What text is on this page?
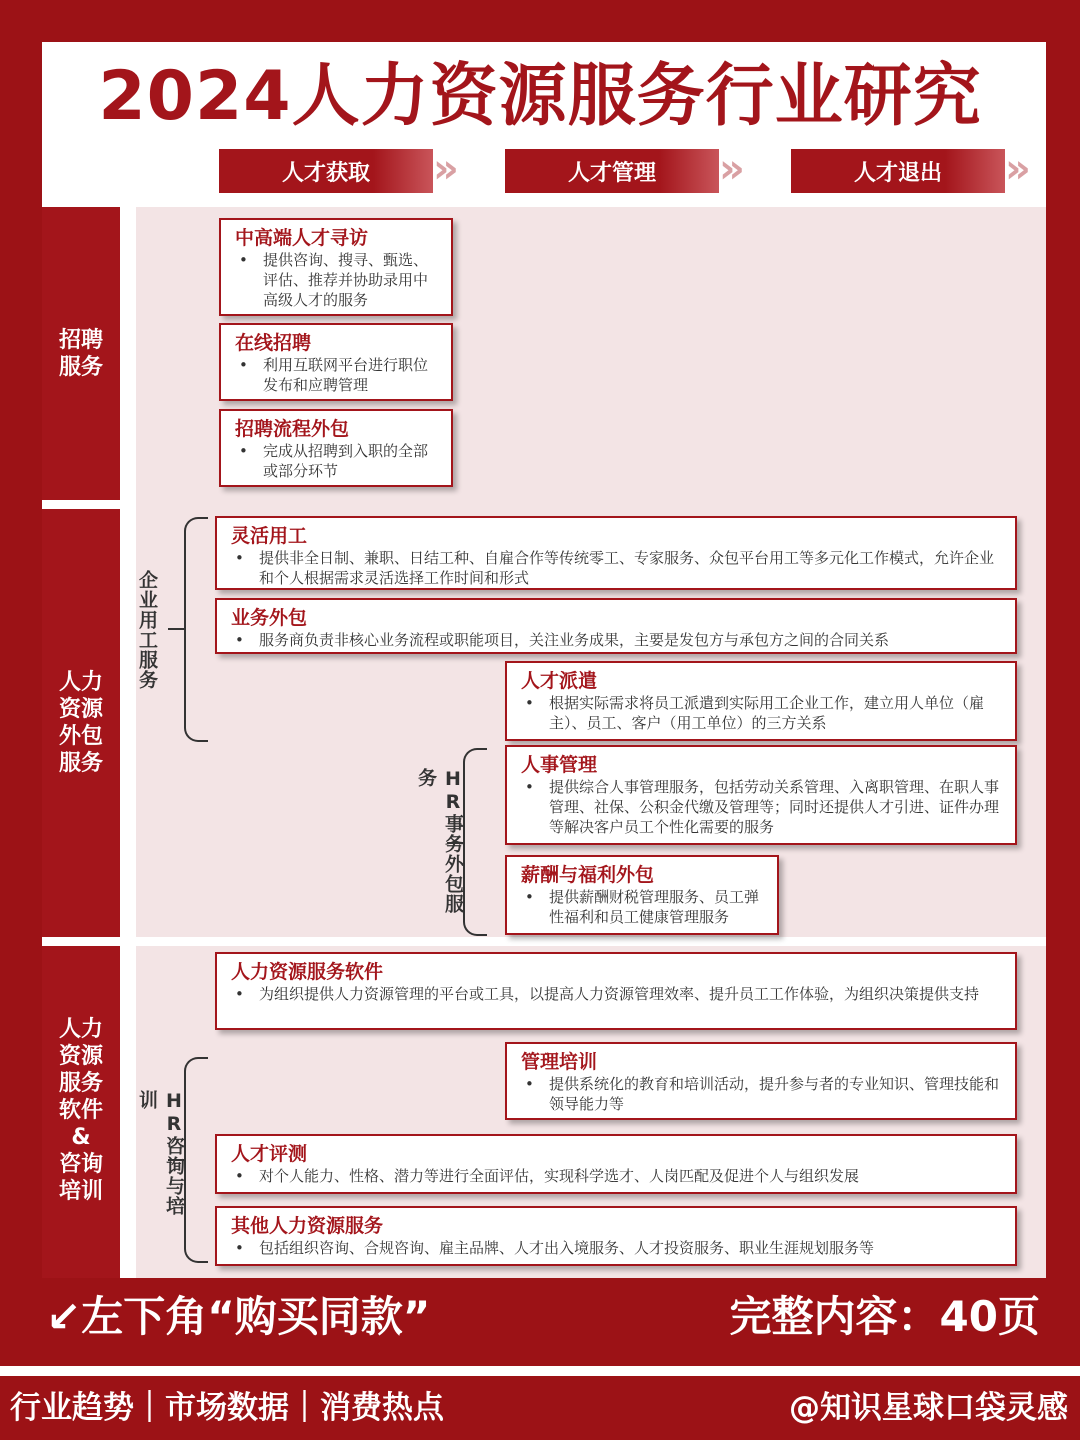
2024人力资源服务行业研究
人才获取 »	人才管理 »	人才退出 »
招聘
服务
人力
资源
外包
服务
人力
资源
服务
软件
&
咨询
培训
中高端人才寻访
• 提供咨询、搜寻、甄选、评估、推荐并协助录用中高级人才的服务
在线招聘
• 利用互联网平台进行职位发布和应聘管理
招聘流程外包
• 完成从招聘到入职的全部或部分环节
企业用工服务
灵活用工
• 提供非全日制、兼职、日结工种、自雇合作等传统零工、专家服务、众包平台用工等多元化工作模式，允许企业和个人根据需求灵活选择工作时间和形式
业务外包
• 服务商负责非核心业务流程或职能项目，关注业务成果，主要是发包方与承包方之间的合同关系
HR事务外包服务
人才派遣
• 根据实际需求将员工派遣到实际用工企业工作，建立用人单位（雇主）、员工、客户（用工单位）的三方关系
人事管理
• 提供综合人事管理服务，包括劳动关系管理、入离职管理、在职人事管理、社保、公积金代缴及管理等；同时还提供人才引进、证件办理等解决客户员工个性化需要的服务
薪酬与福利外包
• 提供薪酬财税管理服务、员工弹性福利和员工健康管理服务
人力资源服务软件
• 为组织提供人力资源管理的平台或工具，以提高人力资源管理效率、提升员工工作体验，为组织决策提供支持
HR咨询与培训
管理培训
• 提供系统化的教育和培训活动，提升参与者的专业知识、管理技能和领导能力等
人才评测
• 对个人能力、性格、潜力等进行全面评估，实现科学选才、人岗匹配及促进个人与组织发展
其他人力资源服务
• 包括组织咨询、合规咨询、雇主品牌、人才出入境服务、人才投资服务、职业生涯规划服务等
↙左下角“购买同款”	完整内容：40页
行业趋势｜市场数据｜消费热点	@知识星球口袋灵感
